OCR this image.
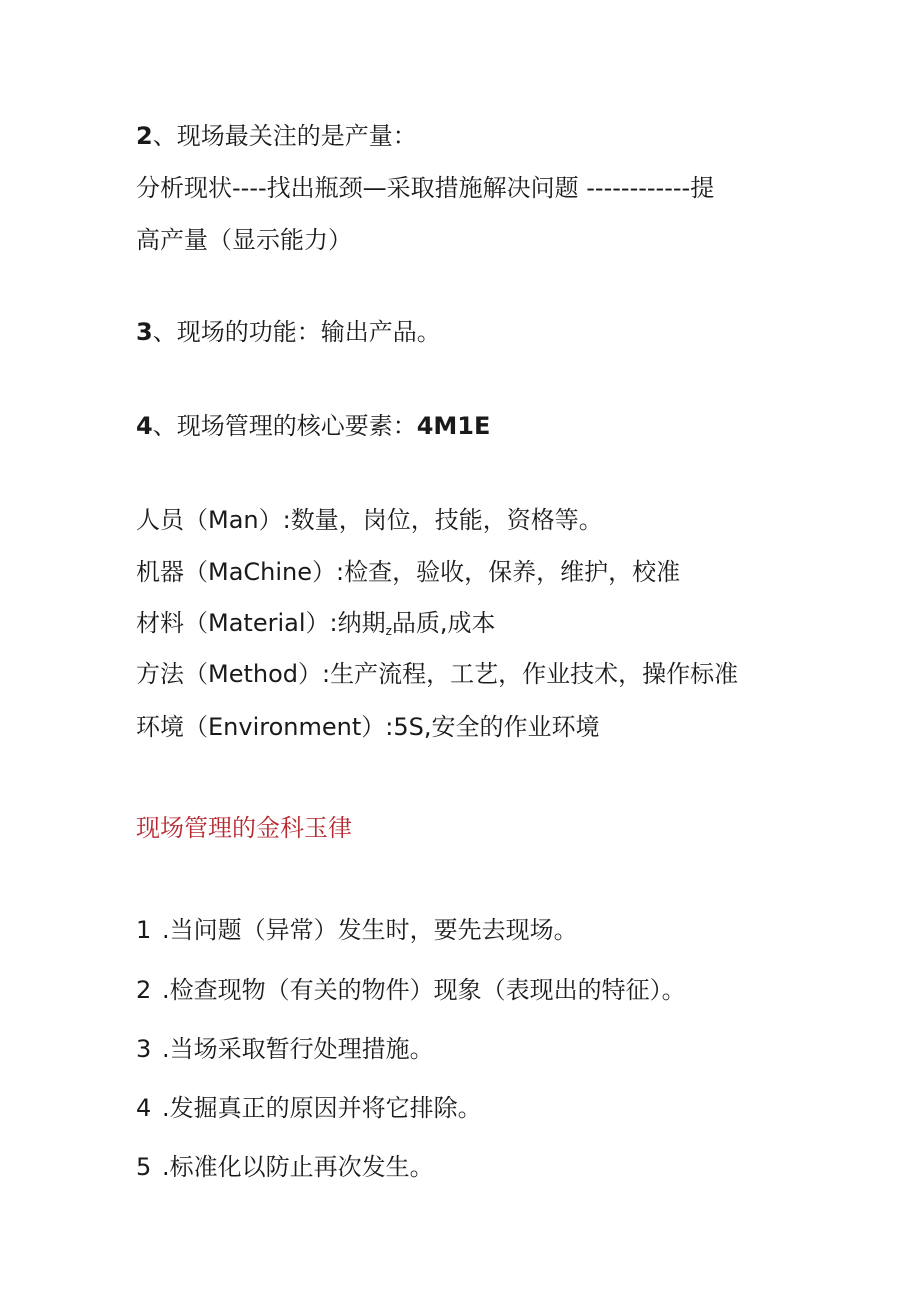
2、现场最关注的是产量：
分析现状----找出瓶颈—采取措施解决问题 ------------提
高产量（显示能力）
3、现场的功能：输出产品。
4、现场管理的核心要素：4M1E
人员（Man）:数量，岗位，技能，资格等。
机器（MaChine）:检查，验收，保养，维护，校准
材料（Material）:纳期$_z$品质,成本
方法（Method）:生产流程，工艺，作业技术，操作标准
环境（Environment）:5S,安全的作业环境
现场管理的金科玉律
1 .当问题（异常）发生时，要先去现场。
2 .检查现物（有关的物件）现象（表现出的特征）。
3 .当场采取暂行处理措施。
4 .发掘真正的原因并将它排除。
5 .标准化以防止再次发生。
